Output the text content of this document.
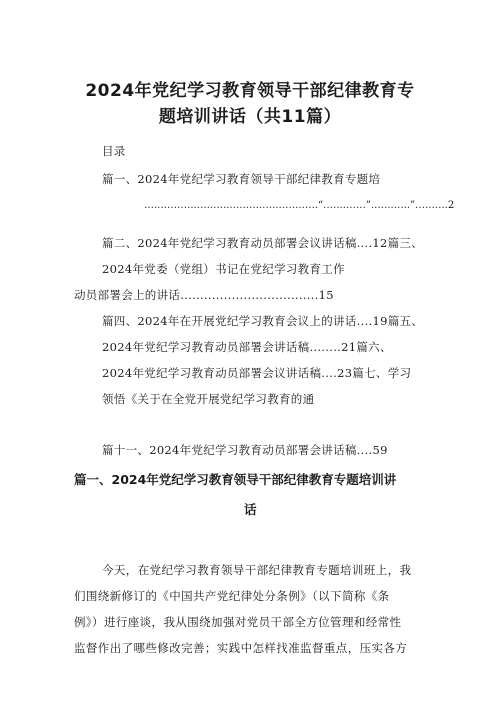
2024年党纪学习教育领导干部纪律教育专
题培训讲话（共11篇）
目录
篇一、2024年党纪学习教育领导干部纪律教育专题培
…..………..…..…..…..…..…..…….…..“.…..….…”..…..…..”.….…..2
篇二、2024年党纪学习教育动员部署会议讲话稿….12篇三、
2024年党委（党组）书记在党纪学习教育工作
动员部署会上的讲话...................................15
篇四、2024年在开展党纪学习教育会议上的讲话....19篇五、
2024年党纪学习教育动员部署会讲话稿........21篇六、
2024年党纪学习教育动员部署会议讲话稿....23篇七、学习
领悟《关于在全党开展党纪学习教育的通
篇十一、2024年党纪学习教育动员部署会讲话稿....59
篇一、2024年党纪学习教育领导干部纪律教育专题培训讲
话
今天，在党纪学习教育领导干部纪律教育专题培训班上，我
们围绕新修订的《中国共产党纪律处分条例》（以下简称《条
例》）进行座谈，我从围绕加强对党员干部全方位管理和经常性
监督作出了哪些修改完善；实践中怎样找准监督重点，压实各方
